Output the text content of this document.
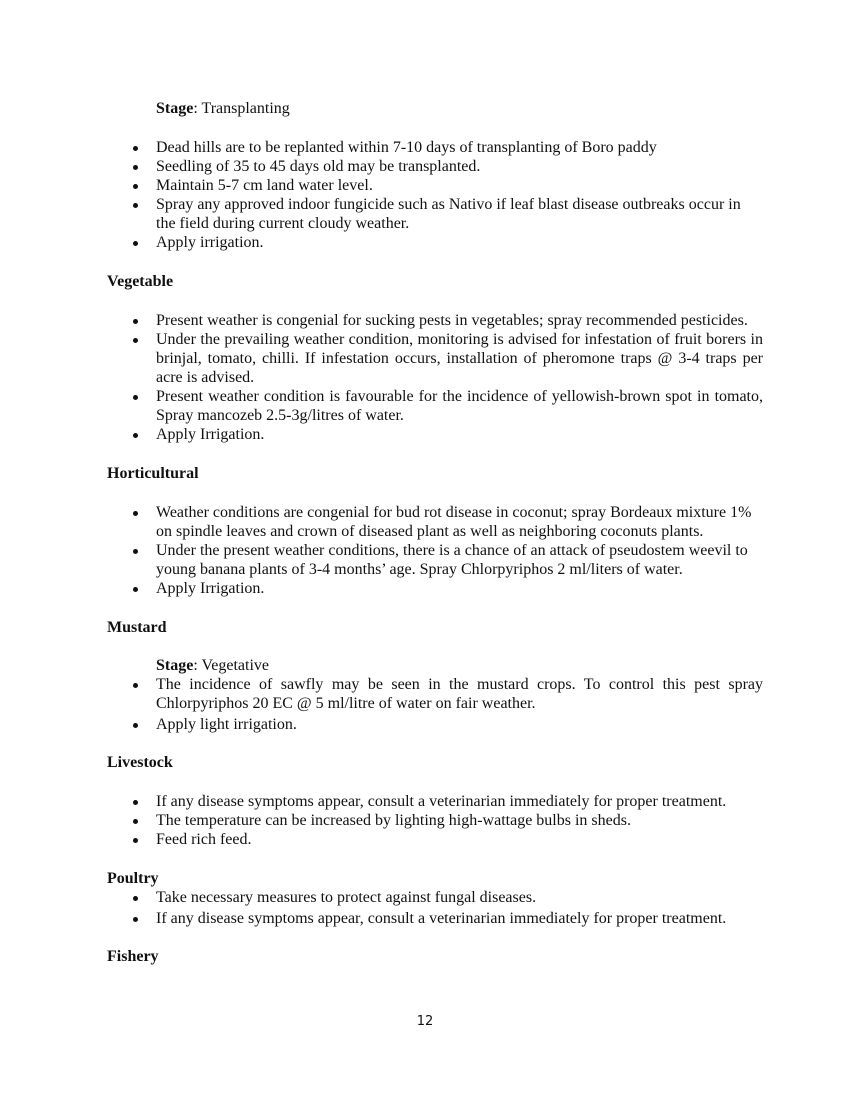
Stage: Transplanting
Dead hills are to be replanted within 7-10 days of transplanting of Boro paddy
Seedling of 35 to 45 days old may be transplanted.
Maintain 5-7 cm land water level.
Spray any approved indoor fungicide such as Nativo if leaf blast disease outbreaks occur in the field during current cloudy weather.
Apply irrigation.
Vegetable
Present weather is congenial for sucking pests in vegetables; spray recommended pesticides.
Under the prevailing weather condition, monitoring is advised for infestation of fruit borers in brinjal, tomato, chilli. If infestation occurs, installation of pheromone traps @ 3-4 traps per acre is advised.
Present weather condition is favourable for the incidence of yellowish-brown spot in tomato, Spray mancozeb 2.5-3g/litres of water.
Apply Irrigation.
Horticultural
Weather conditions are congenial for bud rot disease in coconut; spray Bordeaux mixture 1% on spindle leaves and crown of diseased plant as well as neighboring coconuts plants.
Under the present weather conditions, there is a chance of an attack of pseudostem weevil to young banana plants of 3-4 months’ age. Spray Chlorpyriphos 2 ml/liters of water.
Apply Irrigation.
Mustard
Stage: Vegetative
The incidence of sawfly may be seen in the mustard crops. To control this pest spray Chlorpyriphos 20 EC @ 5 ml/litre of water on fair weather.
Apply light irrigation.
Livestock
If any disease symptoms appear, consult a veterinarian immediately for proper treatment.
The temperature can be increased by lighting high-wattage bulbs in sheds.
Feed rich feed.
Poultry
Take necessary measures to protect against fungal diseases.
If any disease symptoms appear, consult a veterinarian immediately for proper treatment.
Fishery
12
